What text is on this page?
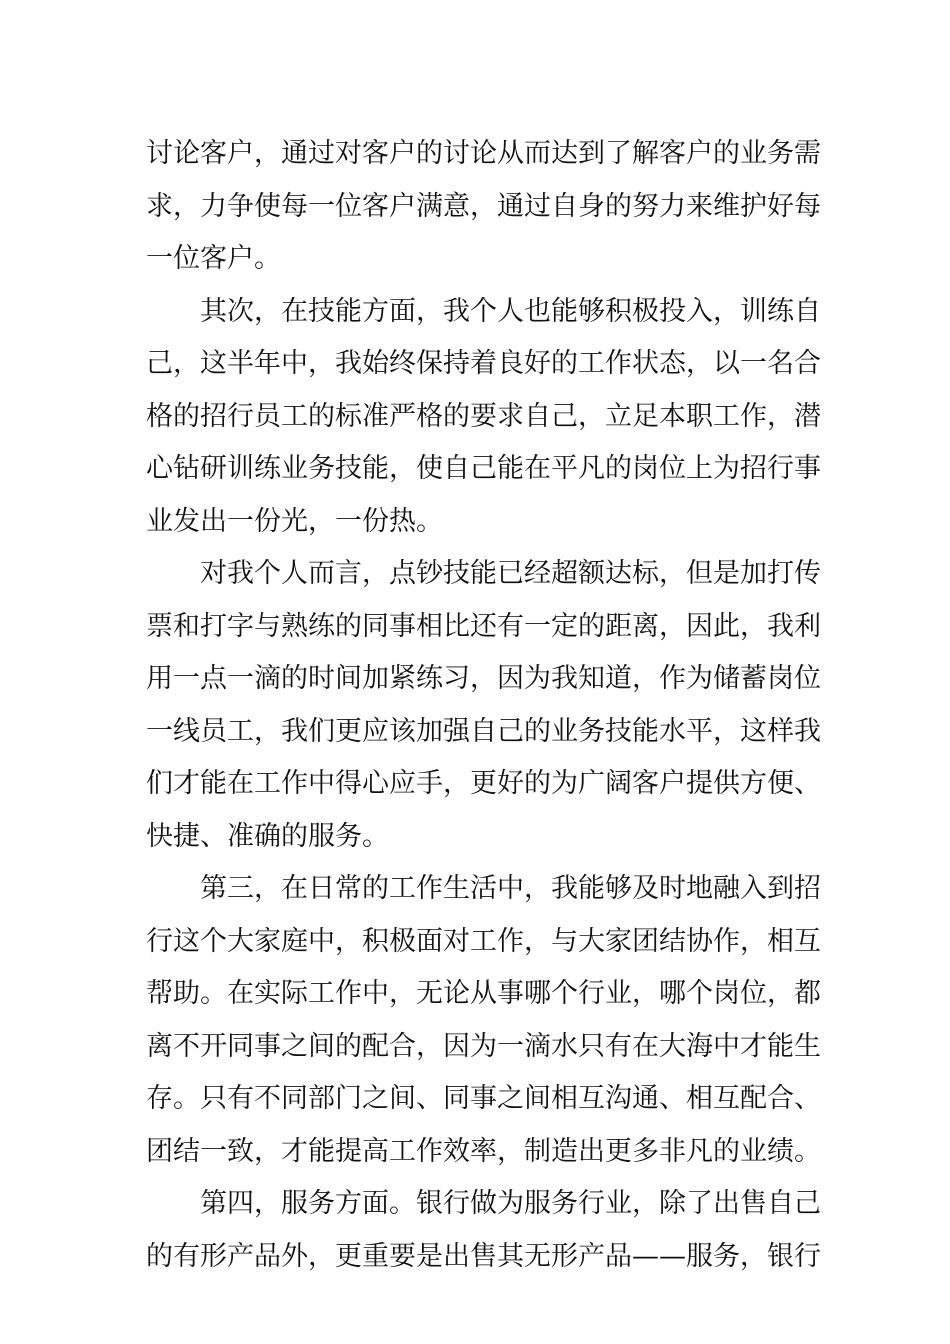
讨论客户，通过对客户的讨论从而达到了解客户的业务需
求，力争使每一位客户满意，通过自身的努力来维护好每
一位客户。
其次，在技能方面，我个人也能够积极投入，训练自
己，这半年中，我始终保持着良好的工作状态，以一名合
格的招行员工的标准严格的要求自己，立足本职工作，潜
心钻研训练业务技能，使自己能在平凡的岗位上为招行事
业发出一份光，一份热。
对我个人而言，点钞技能已经超额达标，但是加打传
票和打字与熟练的同事相比还有一定的距离，因此，我利
用一点一滴的时间加紧练习，因为我知道，作为储蓄岗位
一线员工，我们更应该加强自己的业务技能水平，这样我
们才能在工作中得心应手，更好的为广阔客户提供方便、
快捷、准确的服务。
第三，在日常的工作生活中，我能够及时地融入到招
行这个大家庭中，积极面对工作，与大家团结协作，相互
帮助。在实际工作中，无论从事哪个行业，哪个岗位，都
离不开同事之间的配合，因为一滴水只有在大海中才能生
存。只有不同部门之间、同事之间相互沟通、相互配合、
团结一致，才能提高工作效率，制造出更多非凡的业绩。
第四，服务方面。银行做为服务行业，除了出售自己
的有形产品外，更重要是出售其无形产品——服务，银行
